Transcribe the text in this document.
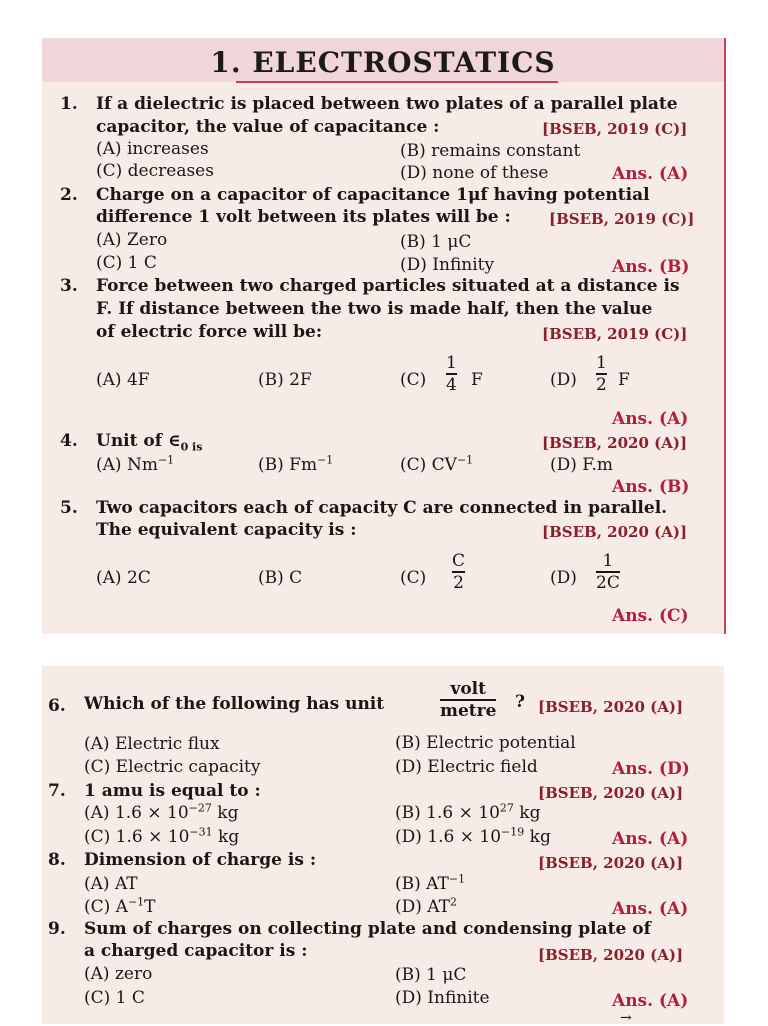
1. ELECTROSTATICS
1. If a dielectric is placed between two plates of a parallel plate
capacitor, the value of capacitance :	[BSEB, 2019 (C)]
(A) increases	(B) remains constant
(C) decreases	(D) none of these	Ans. (A)
2. Charge on a capacitor of capacitance 1μf having potential
difference 1 volt between its plates will be :	[BSEB, 2019 (C)]
(A) Zero	(B) 1 μC
(C) 1 C	(D) Infinity	Ans. (B)
3. Force between two charged particles situated at a distance is
F. If distance between the two is made half, then the value
of electric force will be:	[BSEB, 2019 (C)]
(A) 4F	(B) 2F	(C)
1
4 F	(D)
1
2 F
Ans. (A)
4. Unit of $\in_{0 is}$	[BSEB, 2020 (A)]
(A) $Nm^{-1}$	(B) $Fm^{-1}$	(C) $CV^{-1}$	(D) F.m
Ans. (B)
5. Two capacitors each of capacity C are connected in parallel.
The equivalent capacity is :	[BSEB, 2020 (A)]
(A) 2C	(B) C	(C)
C
2	(D)
1
2C
Ans. (C)
6. Which of the following has unit
volt
metre ? [BSEB, 2020 (A)]
(A) Electric flux	(B) Electric potential
(C) Electric capacity	(D) Electric field	Ans. (D)
7. 1 amu is equal to :	[BSEB, 2020 (A)]
(A) $1.6 \times 10^{-27}$ kg	(B) $1.6 \times 10^{27}$ kg
(C) $1.6 \times 10^{-31}$ kg	(D) $1.6 \times 10^{-19}$ kg	Ans. (A)
8. Dimension of charge is :	[BSEB, 2020 (A)]
(A) AT	(B) $AT^{-1}$
(C) $A^{-1}T$	(D) $AT^2$	Ans. (A)
9. Sum of charges on collecting plate and condensing plate of
a charged capacitor is :	[BSEB, 2020 (A)]
(A) zero	(B) 1 μC
(C) 1 C	(D) Infinite	Ans. (A)
→
